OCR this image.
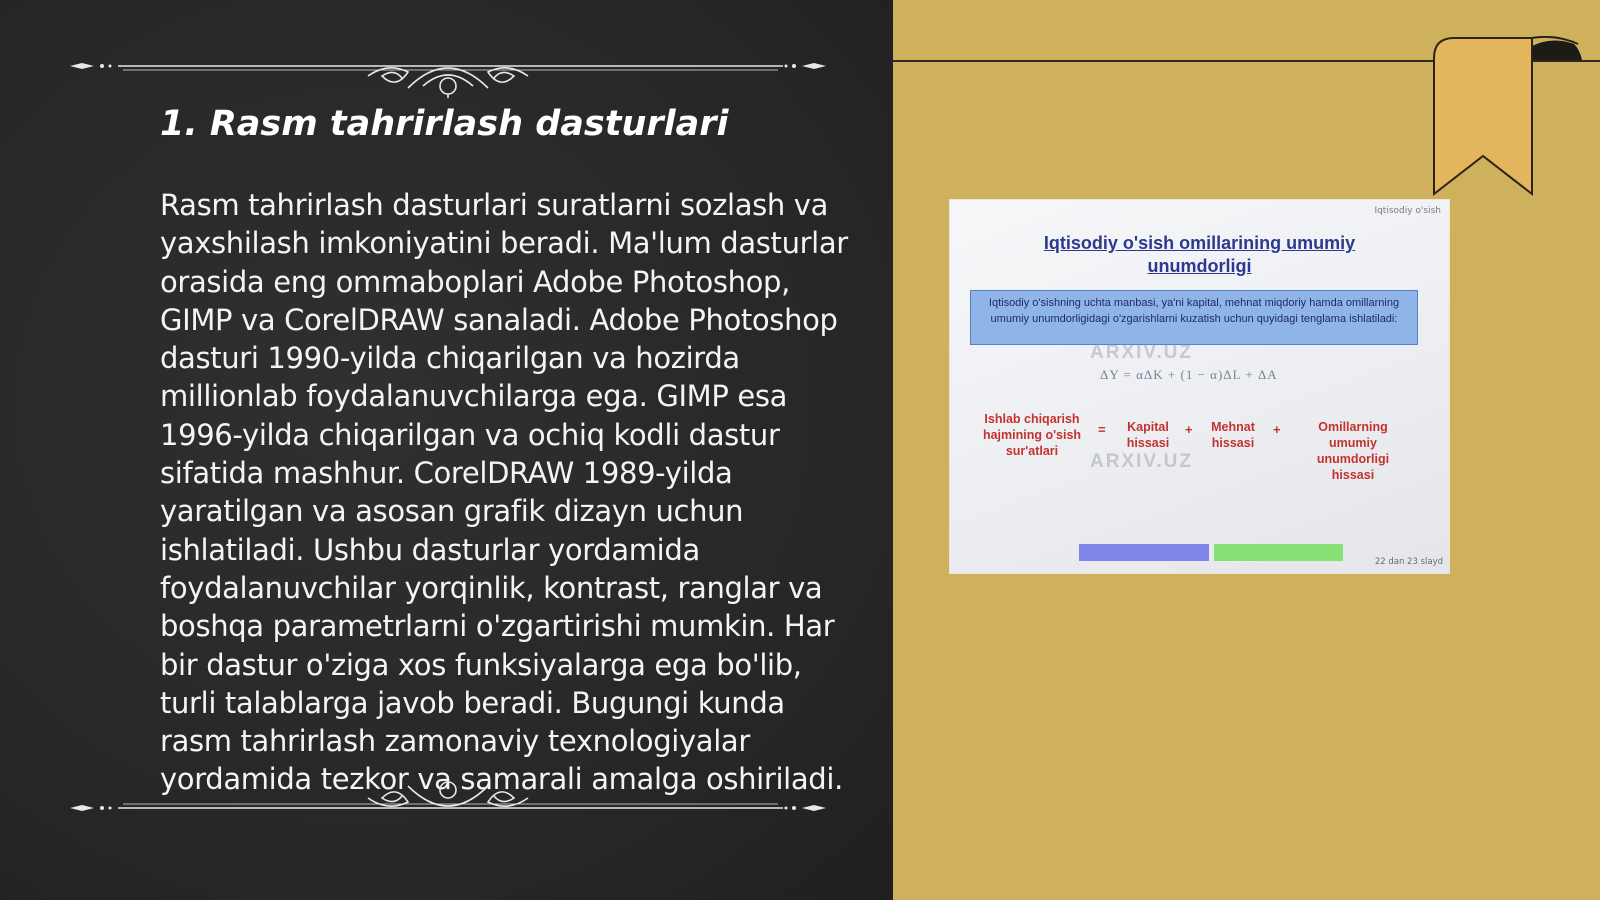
1. Rasm tahrirlash dasturlari

Rasm tahrirlash dasturlari suratlarni sozlash va yaxshilash imkoniyatini beradi. Ma'lum dasturlar orasida eng ommaboplari Adobe Photoshop, GIMP va CorelDRAW sanaladi. Adobe Photoshop dasturi 1990-yilda chiqarilgan va hozirda millionlab foydalanuvchilarga ega. GIMP esa 1996-yilda chiqarilgan va ochiq kodli dastur sifatida mashhur. CorelDRAW 1989-yilda yaratilgan va asosan grafik dizayn uchun ishlatiladi. Ushbu dasturlar yordamida foydalanuvchilar yorqinlik, kontrast, ranglar va boshqa parametrlarni o'zgartirishi mumkin. Har bir dastur o'ziga xos funksiyalarga ega bo'lib, turli talablarga javob beradi. Bugungi kunda rasm tahrirlash zamonaviy texnologiyalar yordamida tezkor va samarali amalga oshiriladi.

Iqtisodiy o'sish
Iqtisodiy o'sish omillarining umumiy
unumdorligi
Iqtisodiy o'sishning uchta manbasi, ya'ni kapital, mehnat miqdoriy hamda omillarning umumiy unumdorligidagi o'zgarishlarni kuzatish uchun quyidagi tenglama ishlatiladi:
ARXIV.UZ
ΔY = αΔK + (1 − α)ΔL + ΔA
Ishlab chiqarish hajmining o'sish sur'atlari
=	Kapital hissasi
+	Mehnat hissasi
+	Omillarning umumiy unumdorligi hissasi
ARXIV.UZ
22 dan 23 slayd
